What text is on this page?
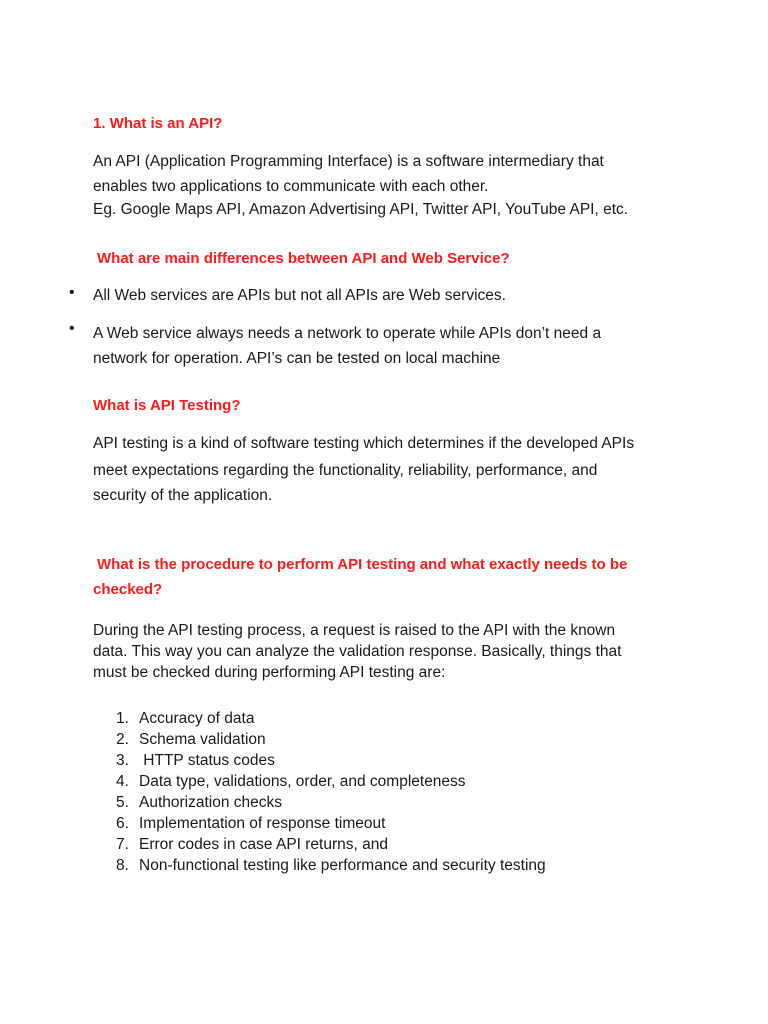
1. What is an API?
An API (Application Programming Interface) is a software intermediary that
enables two applications to communicate with each other.
Eg. Google Maps API, Amazon Advertising API, Twitter API, YouTube API, etc.
What are main differences between API and Web Service?
• All Web services are APIs but not all APIs are Web services.
• A Web service always needs a network to operate while APIs don’t need a
network for operation. API’s can be tested on local machine
What is API Testing?
API testing is a kind of software testing which determines if the developed APIs
meet expectations regarding the functionality, reliability, performance, and
security of the application.
What is the procedure to perform API testing and what exactly needs to be
checked?
During the API testing process, a request is raised to the API with the known
data. This way you can analyze the validation response. Basically, things that
must be checked during performing API testing are:
1. Accuracy of data
2. Schema validation
3. HTTP status codes
4. Data type, validations, order, and completeness
5. Authorization checks
6. Implementation of response timeout
7. Error codes in case API returns, and
8. Non-functional testing like performance and security testing
